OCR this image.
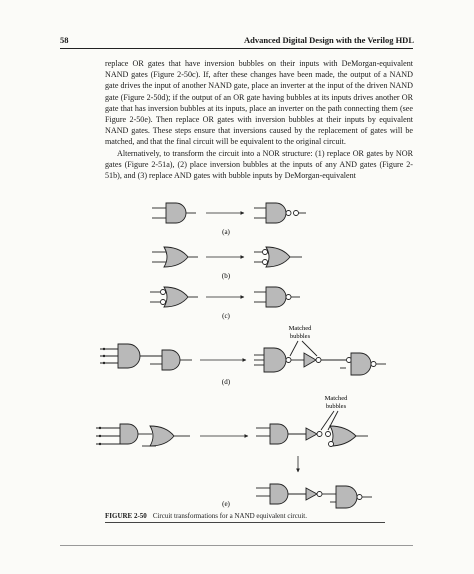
58	Advanced Digital Design with the Verilog HDL

replace OR gates that have inversion bubbles on their inputs with DeMorgan-equivalent NAND gates (Figure 2-50c). If, after these changes have been made, the output of a NAND gate drives the input of another NAND gate, place an inverter at the input of the driven NAND gate (Figure 2-50d); if the output of an OR gate having bubbles at its inputs drives another OR gate that has inversion bubbles at its inputs, place an inverter on the path connecting them (see Figure 2-50e). Then replace OR gates with inversion bubbles at their inputs by equivalent NAND gates. These steps ensure that inversions caused by the replacement of gates will be matched, and that the final circuit will be equivalent to the original circuit.

Alternatively, to transform the circuit into a NOR structure: (1) replace OR gates by NOR gates (Figure 2-51a), (2) place inversion bubbles at the inputs of any AND gates (Figure 2-51b), and (3) replace AND gates with bubble inputs by DeMorgan-equivalent

(a)
(b)
(c)
Matched
bubbles
(d)
Matched
bubbles
(e)
FIGURE 2-50 Circuit transformations for a NAND equivalent circuit.
